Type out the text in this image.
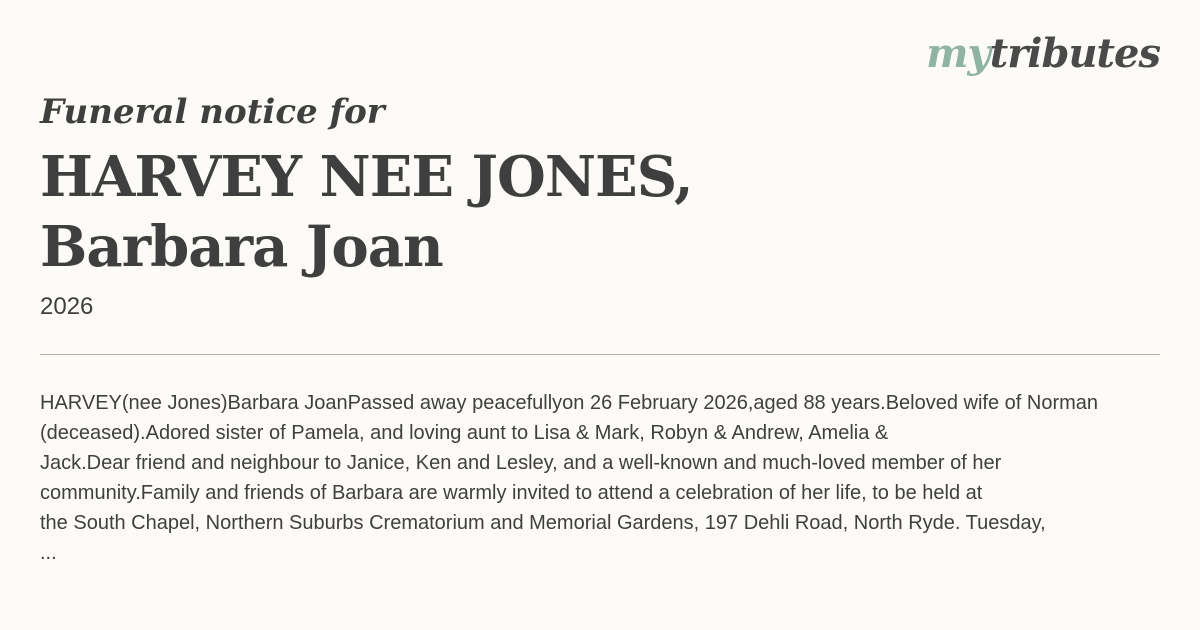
mytributes
Funeral notice for
HARVEY NEE JONES,
Barbara Joan

2026

HARVEY(nee Jones)Barbara JoanPassed away peacefullyon 26 February 2026,aged 88 years.Beloved wife of Norman
(deceased).Adored sister of Pamela, and loving aunt to Lisa & Mark, Robyn & Andrew, Amelia &
Jack.Dear friend and neighbour to Janice, Ken and Lesley, and a well-known and much-loved member of her
community.Family and friends of Barbara are warmly invited to attend a celebration of her life, to be held at
the South Chapel, Northern Suburbs Crematorium and Memorial Gardens, 197 Dehli Road, North Ryde. Tuesday,
...
